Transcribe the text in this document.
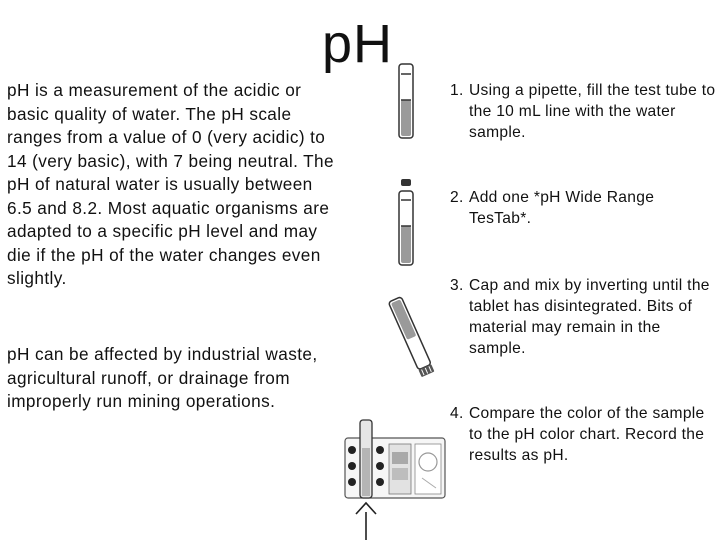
pH

pH is a measurement of the acidic or basic quality of water. The pH scale ranges from a value of 0 (very acidic) to 14 (very basic), with 7 being neutral. The pH of natural water is usually between 6.5 and 8.2. Most aquatic organisms are adapted to a specific pH level and may die if the pH of the water changes even slightly.

pH can be affected by industrial waste, agricultural runoff, or drainage from improperly run mining operations.

1. Using a pipette, fill the test tube to the 10 mL line with the water sample.
2. Add one *pH Wide Range TesTab*.
3. Cap and mix by inverting until the tablet has disintegrated. Bits of material may remain in the sample.
4. Compare the color of the sample to the pH color chart. Record the results as pH.
